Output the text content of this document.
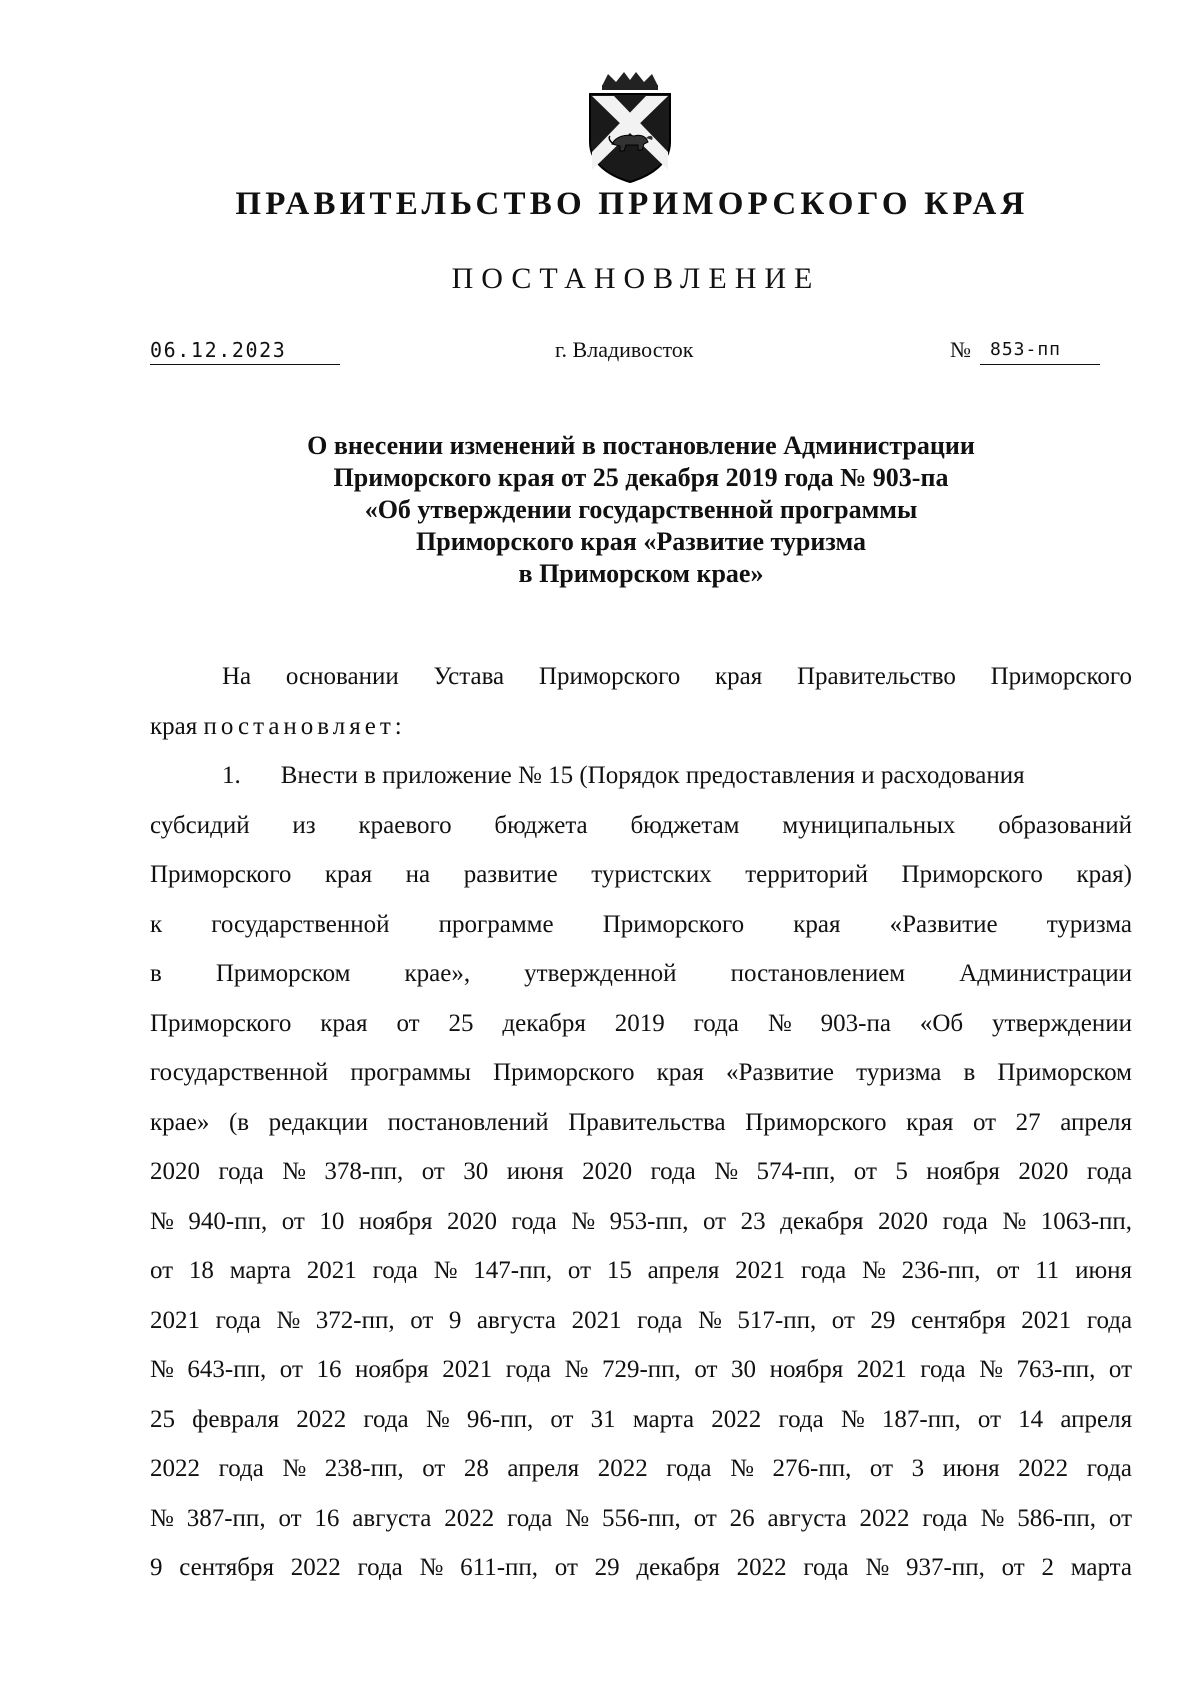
ПРАВИТЕЛЬСТВО ПРИМОРСКОГО КРАЯ
ПОСТАНОВЛЕНИЕ
06.12.2023	г. Владивосток	№	853-пп
О внесении изменений в постановление Администрации
Приморского края от 25 декабря 2019 года № 903-па
«Об утверждении государственной программы
Приморского края «Развитие туризма
в Приморском крае»
На основании Устава Приморского края Правительство Приморского
края постановляет:
1.	Внести в приложение № 15 (Порядок предоставления и расходования
субсидий из краевого бюджета бюджетам муниципальных образований
Приморского края на развитие туристских территорий Приморского края)
к государственной программе Приморского края «Развитие туризма
в Приморском крае», утвержденной постановлением Администрации
Приморского края от 25 декабря 2019 года № 903-па «Об утверждении
государственной программы Приморского края «Развитие туризма в Приморском
крае» (в редакции постановлений Правительства Приморского края от 27 апреля
2020 года № 378-пп, от 30 июня 2020 года № 574-пп, от 5 ноября 2020 года
№ 940-пп, от 10 ноября 2020 года № 953-пп, от 23 декабря 2020 года № 1063-пп,
от 18 марта 2021 года № 147-пп, от 15 апреля 2021 года № 236-пп, от 11 июня
2021 года № 372-пп, от 9 августа 2021 года № 517-пп, от 29 сентября 2021 года
№ 643-пп, от 16 ноября 2021 года № 729-пп, от 30 ноября 2021 года № 763-пп, от
25 февраля 2022 года № 96-пп, от 31 марта 2022 года № 187-пп, от 14 апреля
2022 года № 238-пп, от 28 апреля 2022 года № 276-пп, от 3 июня 2022 года
№ 387-пп, от 16 августа 2022 года № 556-пп, от 26 августа 2022 года № 586-пп, от
9 сентября 2022 года № 611-пп, от 29 декабря 2022 года № 937-пп, от 2 марта
